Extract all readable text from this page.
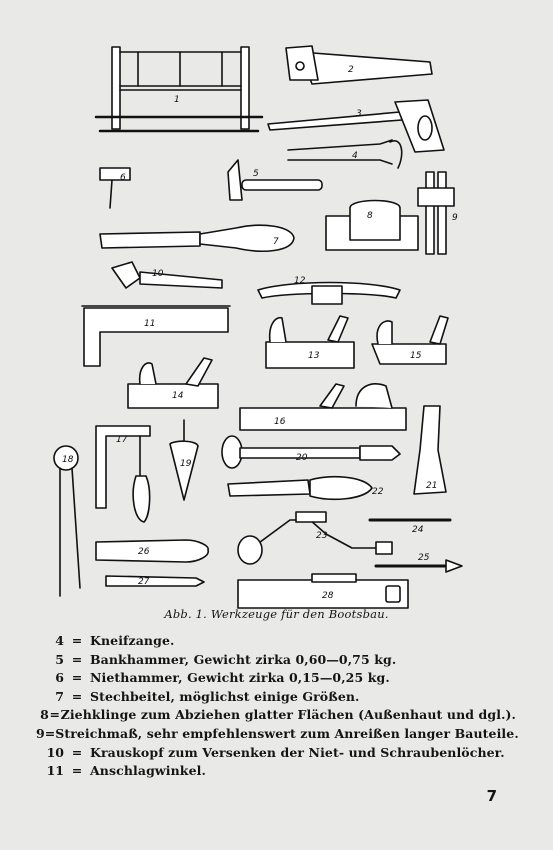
1
2
3
4
5
6
7
8	9
10
11
12
13
14
15
16
17
18	19
20
21
22
23
24
25
26
27
28
Abb. 1. Werkzeuge für den Bootsbau.
4 = Kneifzange.
5 = Bankhammer, Gewicht zirka 0,60—0,75 kg.
6 = Niethammer, Gewicht zirka 0,15—0,25 kg.
7 = Stechbeitel, möglichst einige Größen.
8 = Ziehklinge zum Abziehen glatter Flächen (Außenhaut und dgl.).
9 = Streichmaß, sehr empfehlenswert zum Anreißen langer Bauteile.
10 = Krauskopf zum Versenken der Niet- und Schraubenlöcher.
11 = Anschlagwinkel.
7
